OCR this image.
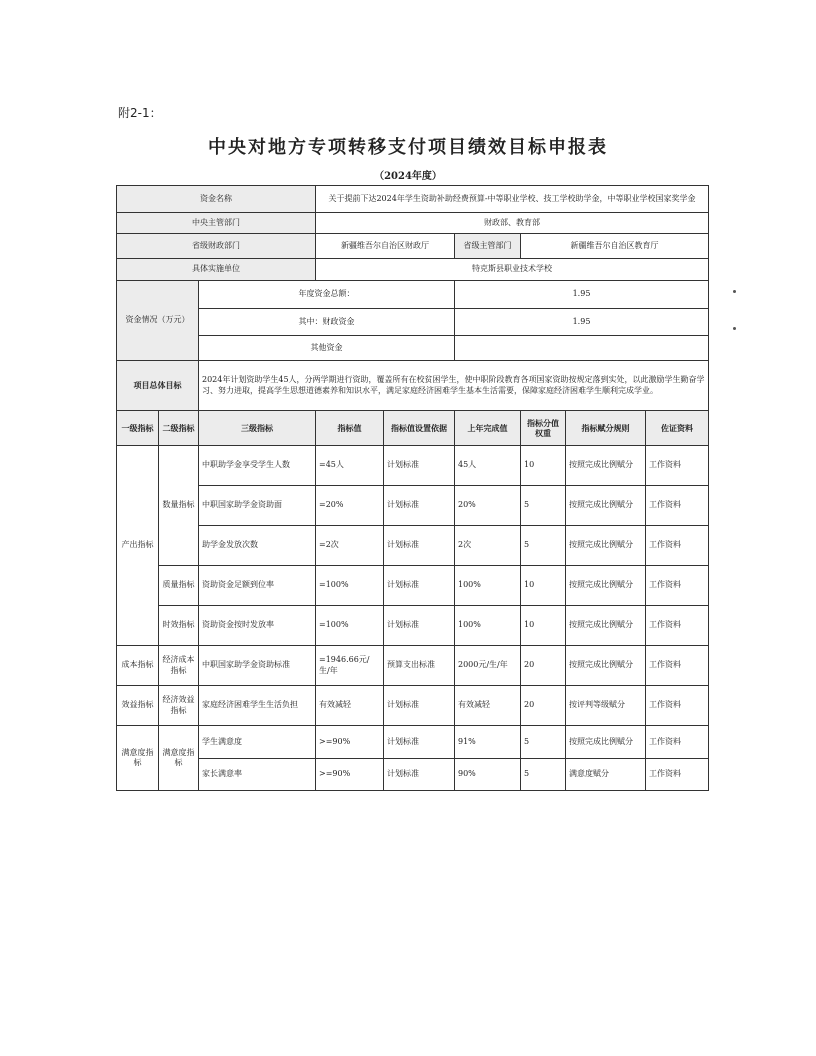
附2-1：
中央对地方专项转移支付项目绩效目标申报表
（2024年度）
资金名称			关于提前下达2024年学生资助补助经费预算-中等职业学校、技工学校助学金，中等职业学校国家奖学金					
中央主管部门			财政部、教育部					
省级财政部门			新疆维吾尔自治区财政厅		省级主管部门	新疆维吾尔自治区教育厅		
具体实施单位			特克斯县职业技术学校					
资金情况（万元）		年度资金总额：			1.95			
		其中：财政资金			1.95			
		其他资金						
项目总体目标		2024年计划资助学生45人，分两学期进行资助，覆盖所有在校贫困学生，使中职阶段教育各项国家资助按规定落到实处，以此激励学生勤奋学习、努力进取，提高学生思想道德素养和知识水平，满足家庭经济困难学生基本生活需要，保障家庭经济困难学生顺利完成学业。						
一级指标	二级指标	三级指标	指标值	指标值设置依据	上年完成值	指标分值权重	指标赋分规则	佐证资料
产出指标	数量指标	中职助学金享受学生人数	=45人	计划标准	45人	10	按照完成比例赋分	工作资料
		中职国家助学金资助面	=20%	计划标准	20%	5	按照完成比例赋分	工作资料
		助学金发放次数	=2次	计划标准	2次	5	按照完成比例赋分	工作资料
	质量指标	资助资金足额到位率	=100%	计划标准	100%	10	按照完成比例赋分	工作资料
	时效指标	资助资金按时发放率	=100%	计划标准	100%	10	按照完成比例赋分	工作资料
成本指标	经济成本指标	中职国家助学金资助标准	=1946.66元/生/年	预算支出标准	2000元/生/年	20	按照完成比例赋分	工作资料
效益指标	经济效益指标	家庭经济困难学生生活负担	有效减轻	计划标准	有效减轻	20	按评判等级赋分	工作资料
满意度指标	满意度指标	学生满意度	>=90%	计划标准	91%	5	按照完成比例赋分	工作资料
		家长满意率	>=90%	计划标准	90%	5	满意度赋分	工作资料
